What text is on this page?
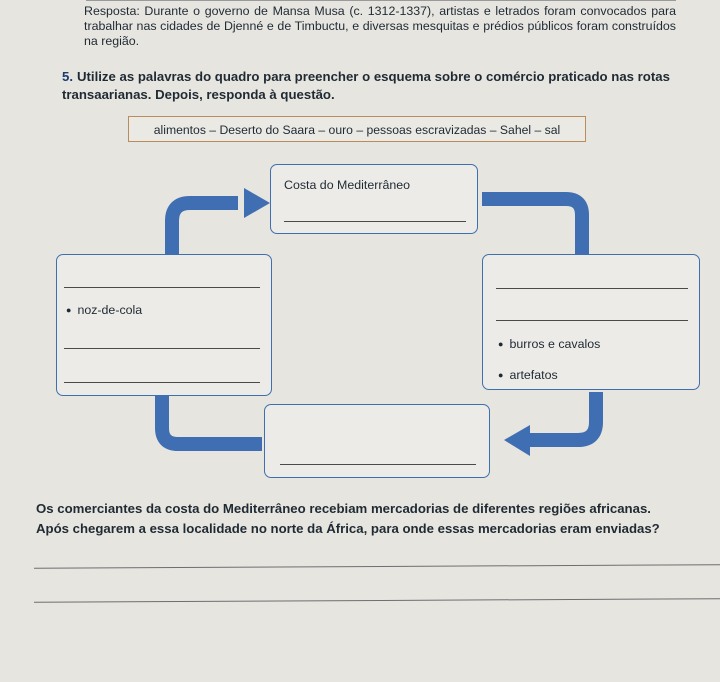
Resposta: Durante o governo de Mansa Musa (c. 1312-1337), artistas e letrados foram convocados para trabalhar nas cidades de Djenné e de Timbuctu, e diversas mesquitas e prédios públicos foram construídos na região.
5. Utilize as palavras do quadro para preencher o esquema sobre o comércio praticado nas rotas transaarianas. Depois, responda à questão.
alimentos – Deserto do Saara – ouro – pessoas escravizadas – Sahel – sal
Costa do Mediterrâneo
● noz-de-cola
● burros e cavalos
● artefatos
Os comerciantes da costa do Mediterrâneo recebiam mercadorias de diferentes regiões africanas.
Após chegarem a essa localidade no norte da África, para onde essas mercadorias eram enviadas?
